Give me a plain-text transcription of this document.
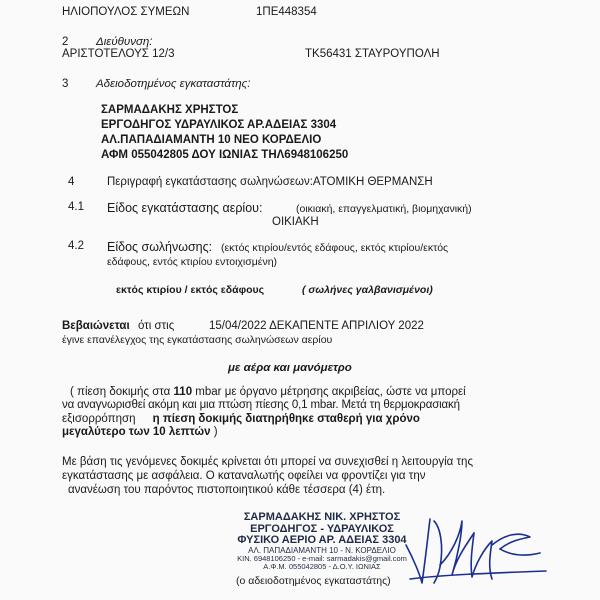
ΗΛΙΟΠΟΥΛΟΣ ΣΥΜΕΩΝ	1ΠΕ448354
2 Διεύθυνση:
ΑΡΙΣΤΟΤΕΛΟΥΣ 12/3	ΤΚ56431 ΣΤΑΥΡΟΥΠΟΛΗ
3 Αδειοδοτημένος εγκαταστάτης:
ΣΑΡΜΑΔΑΚΗΣ ΧΡΗΣΤΟΣ
ΕΡΓΟΔΗΓΟΣ ΥΔΡΑΥΛΙΚΟΣ ΑΡ.ΑΔΕΙΑΣ 3304
ΑΛ.ΠΑΠΑΔΙΑΜΑΝΤΗ 10 ΝΕΟ ΚΟΡΔΕΛΙΟ
ΑΦΜ 055042805 ΔΟΥ ΙΩΝΙΑΣ ΤΗΛ6948106250
4	Περιγραφή εγκατάστασης σωληνώσεων:ΑΤΟΜΙΚΗ ΘΕΡΜΑΝΣΗ
4.1 Είδος εγκατάστασης αερίου:	(οικιακή, επαγγελματική, βιομηχανική)
ΟΙΚΙΑΚΗ
4.2 Είδος σωλήνωσης: (εκτός κτιρίου/εντός εδάφους, εκτός κτιρίου/εκτός
εδάφους, εντός κτιρίου εντοιχισμένη)
εκτός κτιρίου / εκτός εδάφους	( σωλήνες γαλβανισμένοι)
Βεβαιώνεται ότι στις	15/04/2022 ΔΕΚΑΠΕΝΤΕ ΑΠΡΙΛΙΟΥ 2022
έγινε επανέλεγχος της εγκατάστασης σωληνώσεων αερίου
με αέρα και μανόμετρο
( πίεση δοκιμής στα 110 mbar με όργανο μέτρησης ακριβείας, ώστε να μπορεί
να αναγνωρισθεί ακόμη και μια πτώση πίεσης 0,1 mbar. Μετά τη θερμοκρασιακή
εξισορρόπηση η πίεση δοκιμής διατηρήθηκε σταθερή για χρόνο
μεγαλύτερο των 10 λεπτών )
Με βάση τις γενόμενες δοκιμές κρίνεται ότι μπορεί να συνεχισθεί η λειτουργία της
εγκατάστασης με ασφάλεια. Ο καταναλωτής οφείλει να φροντίζει για την
ανανέωση του παρόντος πιστοποιητικού κάθε τέσσερα (4) έτη.
ΣΑΡΜΑΔΑΚΗΣ ΝΙΚ. ΧΡΗΣΤΟΣ
ΕΡΓΟΔΗΓΟΣ - ΥΔΡΑΥΛΙΚΟΣ
ΦΥΣΙΚΟ ΑΕΡΙΟ ΑΡ. ΑΔΕΙΑΣ 3304
ΑΛ. ΠΑΠΑΔΙΑΜΑΝΤΗ 10 - Ν. ΚΟΡΔΕΛΙΟ
ΚΙΝ. 6948106250 - e-mail: sarmadakis@gmail.com
Α.Φ.Μ. 055042805 - Δ.Ο.Υ. ΙΩΝΙΑΣ
(ο αδειοδοτημένος εγκαταστάτης)
